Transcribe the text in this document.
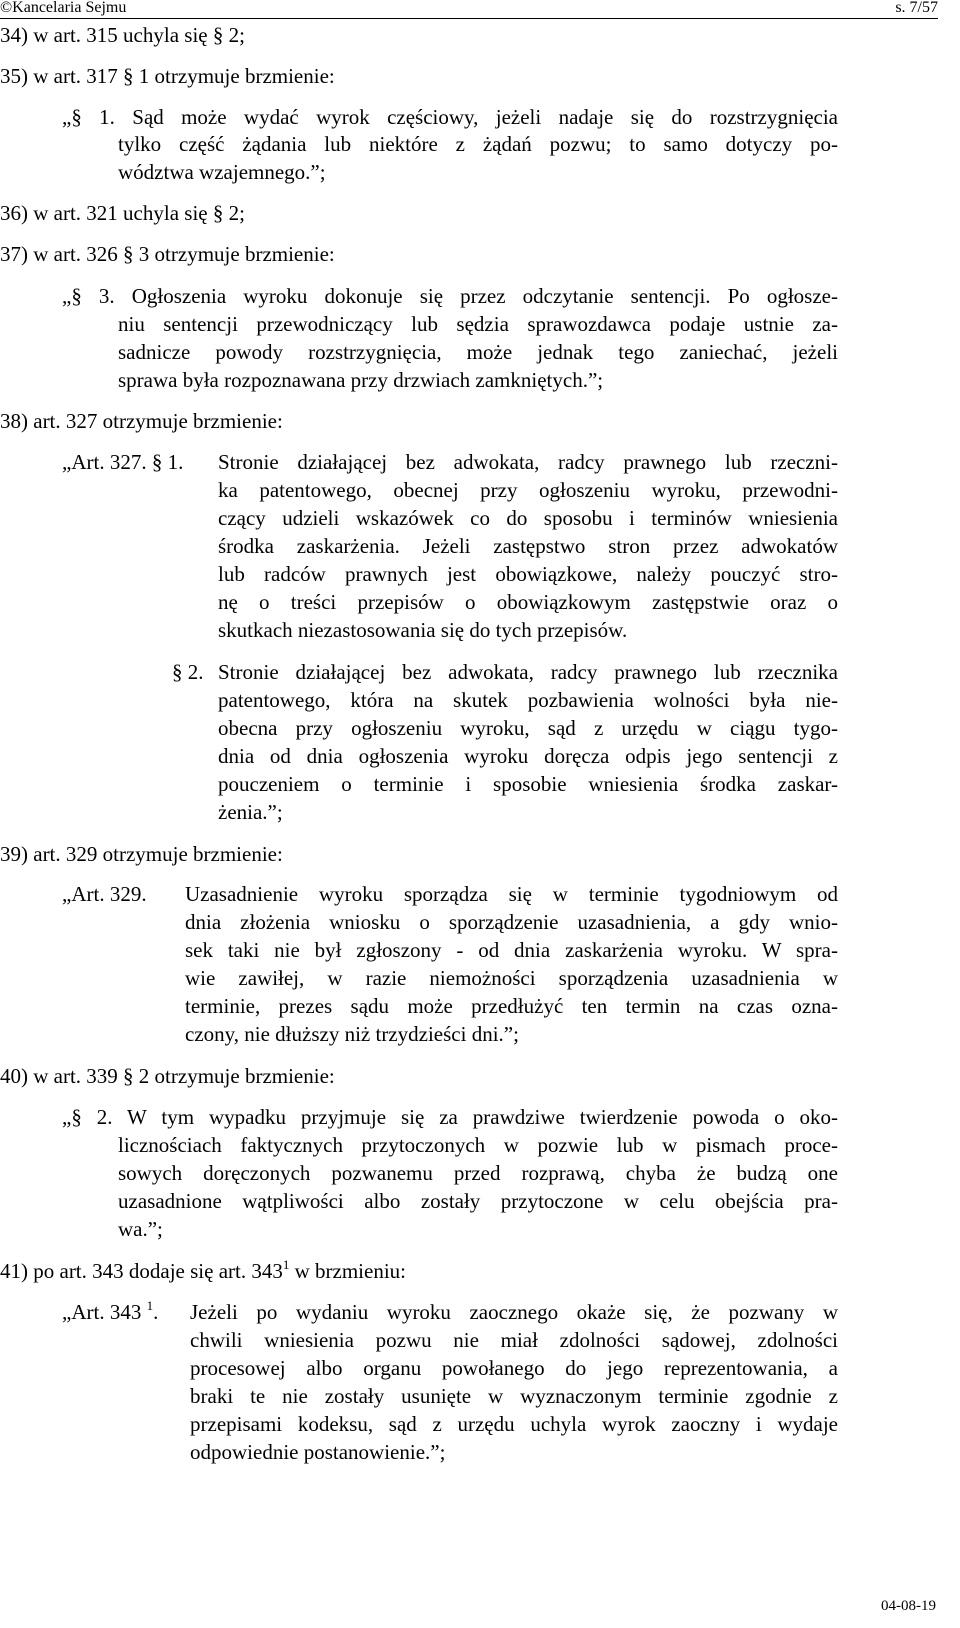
©Kancelaria Sejmu	s. 7/57
34) w art. 315 uchyla się § 2;
35) w art. 317 § 1 otrzymuje brzmienie:
„§ 1. Sąd może wydać wyrok częściowy, jeżeli nadaje się do rozstrzygnięcia
tylko część żądania lub niektóre z żądań pozwu; to samo dotyczy po-
wództwa wzajemnego.”;
36) w art. 321 uchyla się § 2;
37) w art. 326 § 3 otrzymuje brzmienie:
„§ 3. Ogłoszenia wyroku dokonuje się przez odczytanie sentencji. Po ogłosze-
niu sentencji przewodniczący lub sędzia sprawozdawca podaje ustnie za-
sadnicze powody rozstrzygnięcia, może jednak tego zaniechać, jeżeli
sprawa była rozpoznawana przy drzwiach zamkniętych.”;
38) art. 327 otrzymuje brzmienie:
„Art. 327. § 1. Stronie działającej bez adwokata, radcy prawnego lub rzeczni-
ka patentowego, obecnej przy ogłoszeniu wyroku, przewodni-
czący udzieli wskazówek co do sposobu i terminów wniesienia
środka zaskarżenia. Jeżeli zastępstwo stron przez adwokatów
lub radców prawnych jest obowiązkowe, należy pouczyć stro-
nę o treści przepisów o obowiązkowym zastępstwie oraz o
skutkach niezastosowania się do tych przepisów.
§ 2. Stronie działającej bez adwokata, radcy prawnego lub rzecznika
patentowego, która na skutek pozbawienia wolności była nie-
obecna przy ogłoszeniu wyroku, sąd z urzędu w ciągu tygo-
dnia od dnia ogłoszenia wyroku doręcza odpis jego sentencji z
pouczeniem o terminie i sposobie wniesienia środka zaskar-
żenia.”;
39) art. 329 otrzymuje brzmienie:
„Art. 329. Uzasadnienie wyroku sporządza się w terminie tygodniowym od
dnia złożenia wniosku o sporządzenie uzasadnienia, a gdy wnio-
sek taki nie był zgłoszony - od dnia zaskarżenia wyroku. W spra-
wie zawiłej, w razie niemożności sporządzenia uzasadnienia w
terminie, prezes sądu może przedłużyć ten termin na czas ozna-
czony, nie dłuższy niż trzydzieści dni.”;
40) w art. 339 § 2 otrzymuje brzmienie:
„§ 2. W tym wypadku przyjmuje się za prawdziwe twierdzenie powoda o oko-
licznościach faktycznych przytoczonych w pozwie lub w pismach proce-
sowych doręczonych pozwanemu przed rozprawą, chyba że budzą one
uzasadnione wątpliwości albo zostały przytoczone w celu obejścia pra-
wa.”;
41) po art. 343 dodaje się art. $343^1$ w brzmieniu:
„Art. 343 $^1$. Jeżeli po wydaniu wyroku zaocznego okaże się, że pozwany w
chwili wniesienia pozwu nie miał zdolności sądowej, zdolności
procesowej albo organu powołanego do jego reprezentowania, a
braki te nie zostały usunięte w wyznaczonym terminie zgodnie z
przepisami kodeksu, sąd z urzędu uchyla wyrok zaoczny i wydaje
odpowiednie postanowienie.”;
04-08-19
